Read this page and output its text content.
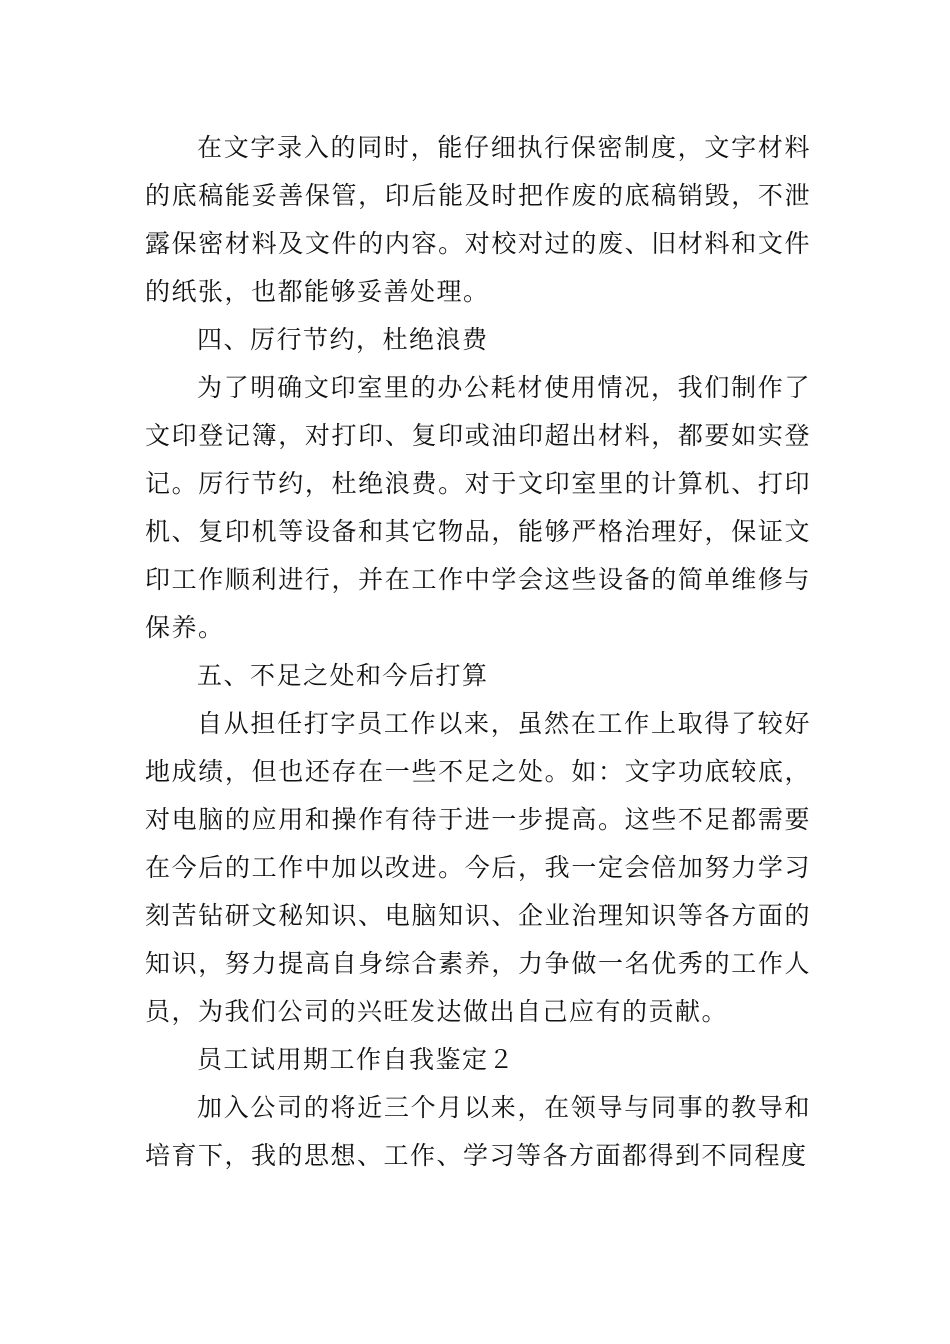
在文字录入的同时，能仔细执行保密制度，文字材料的底稿能妥善保管，印后能及时把作废的底稿销毁，不泄露保密材料及文件的内容。对校对过的废、旧材料和文件的纸张，也都能够妥善处理。

四、厉行节约，杜绝浪费

为了明确文印室里的办公耗材使用情况，我们制作了文印登记簿，对打印、复印或油印超出材料，都要如实登记。厉行节约，杜绝浪费。对于文印室里的计算机、打印机、复印机等设备和其它物品，能够严格治理好，保证文印工作顺利进行，并在工作中学会这些设备的简单维修与保养。

五、不足之处和今后打算

自从担任打字员工作以来，虽然在工作上取得了较好地成绩，但也还存在一些不足之处。如：文字功底较底，对电脑的应用和操作有待于进一步提高。这些不足都需要在今后的工作中加以改进。今后，我一定会倍加努力学习刻苦钻研文秘知识、电脑知识、企业治理知识等各方面的知识，努力提高自身综合素养，力争做一名优秀的工作人员，为我们公司的兴旺发达做出自己应有的贡献。

员工试用期工作自我鉴定２

加入公司的将近三个月以来，在领导与同事的教导和培育下，我的思想、工作、学习等各方面都得到不同程度
